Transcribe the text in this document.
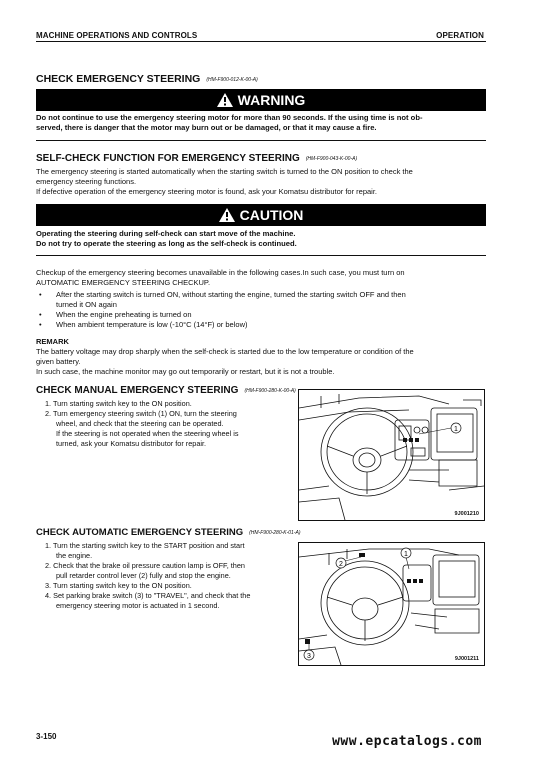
MACHINE OPERATIONS AND CONTROLS	OPERATION
CHECK EMERGENCY STEERING (HM-F900-012-K-00-A)
WARNING
Do not continue to use the emergency steering motor for more than 90 seconds. If the using time is not ob-
served, there is danger that the motor may burn out or be damaged, or that it may cause a fire.
SELF-CHECK FUNCTION FOR EMERGENCY STEERING (HM-F900-043-K-00-A)
The emergency steering is started automatically when the starting switch is turned to the ON position to check the
emergency steering functions.
If defective operation of the emergency steering motor is found, ask your Komatsu distributor for repair.
CAUTION
Operating the steering during self-check can start move of the machine.
Do not try to operate the steering as long as the self-check is continued.
Checkup of the emergency steering becomes unavailable in the following cases.In such case, you must turn on
AUTOMATIC EMERGENCY STEERING CHECKUP.
• After the starting switch is turned ON, without starting the engine, turned the starting switch OFF and then
turned it ON again
• When the engine preheating is turned on
• When ambient temperature is low (-10°C (14°F) or below)
REMARK
The battery voltage may drop sharply when the self-check is started due to the low temperature or condition of the
given battery.
In such case, the machine monitor may go out temporarily or restart, but it is not a trouble.
CHECK MANUAL EMERGENCY STEERING (HM-F900-280-K-00-A)
1. Turn starting switch key to the ON position.
2. Turn emergency steering switch (1) ON, turn the steering
wheel, and check that the steering can be operated.
If the steering is not operated when the steering wheel is
turned, ask your Komatsu distributor for repair.
1
9J001210
CHECK AUTOMATIC EMERGENCY STEERING (HM-F900-280-K-01-A)
1. Turn the starting switch key to the START position and start
the engine.
2. Check that the brake oil pressure caution lamp is OFF, then
pull retarder control lever (2) fully and stop the engine.
3. Turn starting switch key to the ON position.
4. Set parking brake switch (3) to "TRAVEL", and check that the
emergency steering motor is actuated in 1 second.
1
2
3	9J001211
3-150	www.epcatalogs.com
